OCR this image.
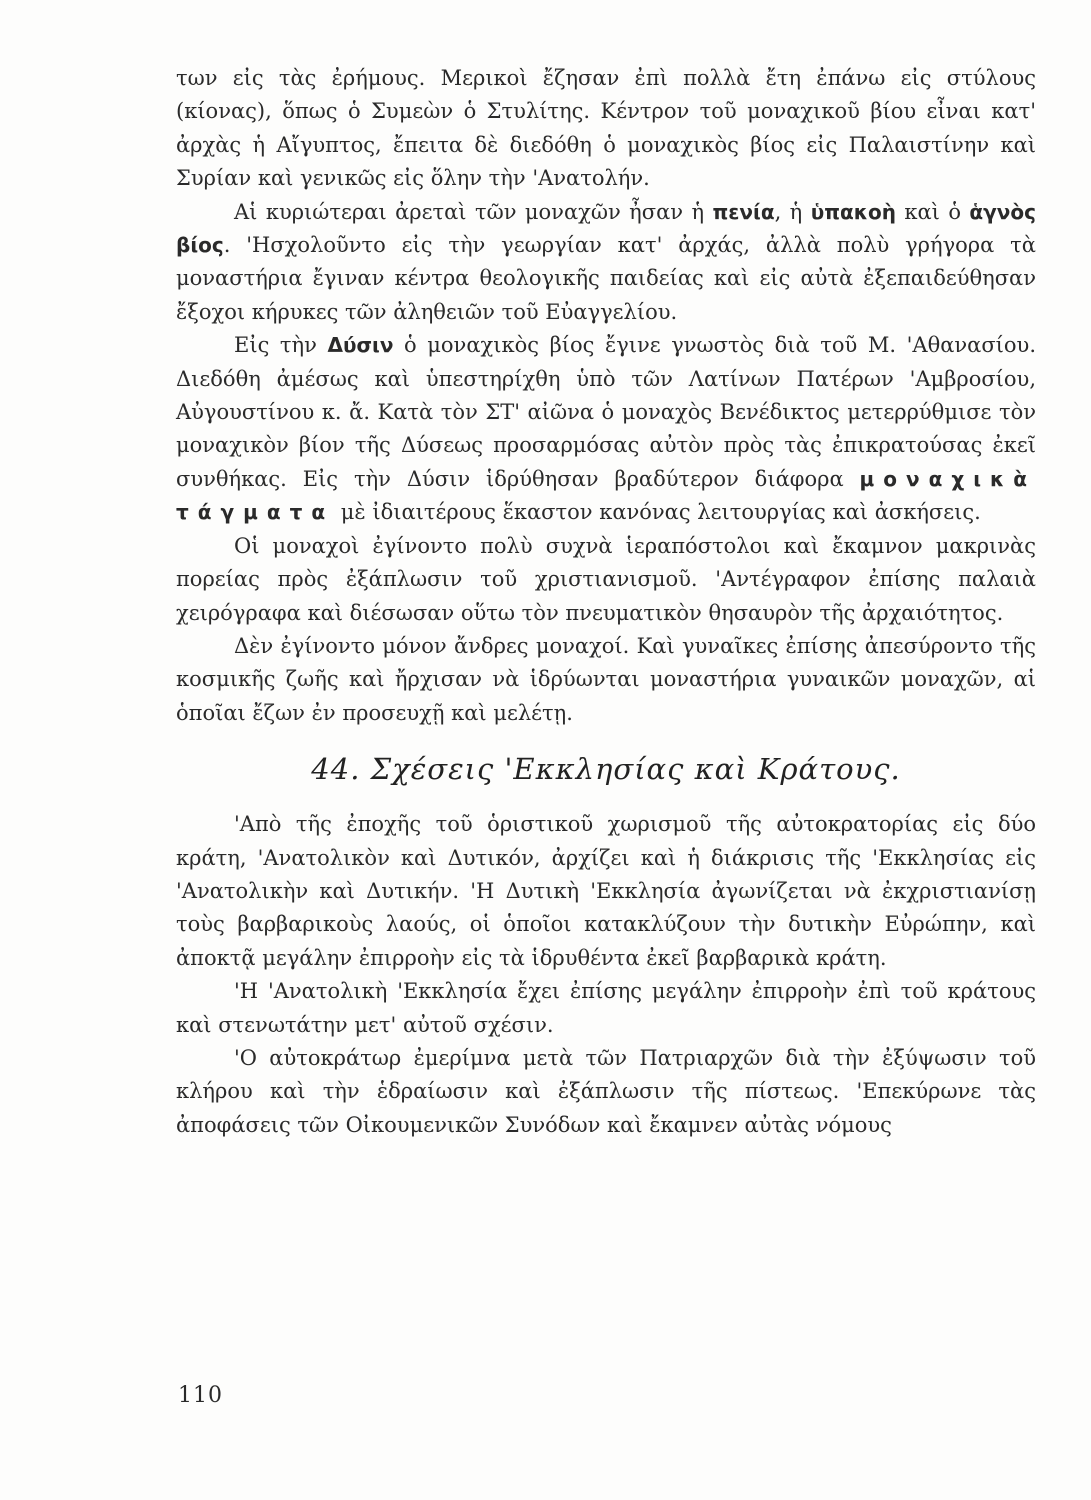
των εἰς τὰς ἐρήμους. Μερικοὶ ἔζησαν ἐπὶ πολλὰ ἔτη ἐπάνω εἰς στύλους (κίονας), ὅπως ὁ Συμεὼν ὁ Στυλίτης. Κέντρον τοῦ μοναχικοῦ βίου εἶναι κατ' ἀρχὰς ἡ Αἴγυπτος, ἔπειτα δὲ διεδόθη ὁ μοναχικὸς βίος εἰς Παλαιστίνην καὶ Συρίαν καὶ γενικῶς εἰς ὅλην τὴν 'Ανατολήν.

Αἱ κυριώτεραι ἀρεταὶ τῶν μοναχῶν ἦσαν ἡ πενία, ἡ ὑπακοὴ καὶ ὁ ἁγνὸς βίος. 'Ησχολοῦντο εἰς τὴν γεωργίαν κατ' ἀρχάς, ἀλλὰ πολὺ γρήγορα τὰ μοναστήρια ἔγιναν κέντρα θεολογικῆς παιδείας καὶ εἰς αὐτὰ ἐξεπαιδεύθησαν ἔξοχοι κήρυκες τῶν ἀληθειῶν τοῦ Εὐαγγελίου.

Εἰς τὴν Δύσιν ὁ μοναχικὸς βίος ἔγινε γνωστὸς διὰ τοῦ Μ. 'Αθανασίου. Διεδόθη ἀμέσως καὶ ὑπεστηρίχθη ὑπὸ τῶν Λατίνων Πατέρων 'Αμβροσίου, Αὐγουστίνου κ. ἄ. Κατὰ τὸν ΣΤ' αἰῶνα ὁ μοναχὸς Βενέδικτος μετερρύθμισε τὸν μοναχικὸν βίον τῆς Δύσεως προσαρμόσας αὐτὸν πρὸς τὰς ἐπικρατούσας ἐκεῖ συνθήκας. Εἰς τὴν Δύσιν ἱδρύθησαν βραδύτερον διάφορα μοναχικὰ τάγματα μὲ ἰδιαιτέρους ἕκαστον κανόνας λειτουργίας καὶ ἀσκήσεις.

Οἱ μοναχοὶ ἐγίνοντο πολὺ συχνὰ ἱεραπόστολοι καὶ ἔκαμνον μακρινὰς πορείας πρὸς ἐξάπλωσιν τοῦ χριστιανισμοῦ. 'Αντέγραφον ἐπίσης παλαιὰ χειρόγραφα καὶ διέσωσαν οὕτω τὸν πνευματικὸν θησαυρὸν τῆς ἀρχαιότητος.

Δὲν ἐγίνοντο μόνον ἄνδρες μοναχοί. Καὶ γυναῖκες ἐπίσης ἀπεσύροντο τῆς κοσμικῆς ζωῆς καὶ ἤρχισαν νὰ ἱδρύωνται μοναστήρια γυναικῶν μοναχῶν, αἱ ὁποῖαι ἔζων ἐν προσευχῇ καὶ μελέτῃ.

44. Σχέσεις 'Εκκλησίας καὶ Κράτους.

'Απὸ τῆς ἐποχῆς τοῦ ὁριστικοῦ χωρισμοῦ τῆς αὐτοκρατορίας εἰς δύο κράτη, 'Ανατολικὸν καὶ Δυτικόν, ἀρχίζει καὶ ἡ διάκρισις τῆς 'Εκκλησίας εἰς 'Ανατολικὴν καὶ Δυτικήν. 'Η Δυτικὴ 'Εκκλησία ἀγωνίζεται νὰ ἐκχριστιανίσῃ τοὺς βαρβαρικοὺς λαούς, οἱ ὁποῖοι κατακλύζουν τὴν δυτικὴν Εὐρώπην, καὶ ἀποκτᾷ μεγάλην ἐπιρροὴν εἰς τὰ ἱδρυθέντα ἐκεῖ βαρβαρικὰ κράτη.

'Η 'Ανατολικὴ 'Εκκλησία ἔχει ἐπίσης μεγάλην ἐπιρροὴν ἐπὶ τοῦ κράτους καὶ στενωτάτην μετ' αὐτοῦ σχέσιν.

'Ο αὐτοκράτωρ ἐμερίμνα μετὰ τῶν Πατριαρχῶν διὰ τὴν ἐξύψωσιν τοῦ κλήρου καὶ τὴν ἑδραίωσιν καὶ ἐξάπλωσιν τῆς πίστεως. 'Επεκύρωνε τὰς ἀποφάσεις τῶν Οἰκουμενικῶν Συνόδων καὶ ἔκαμνεν αὐτὰς νόμους

110
